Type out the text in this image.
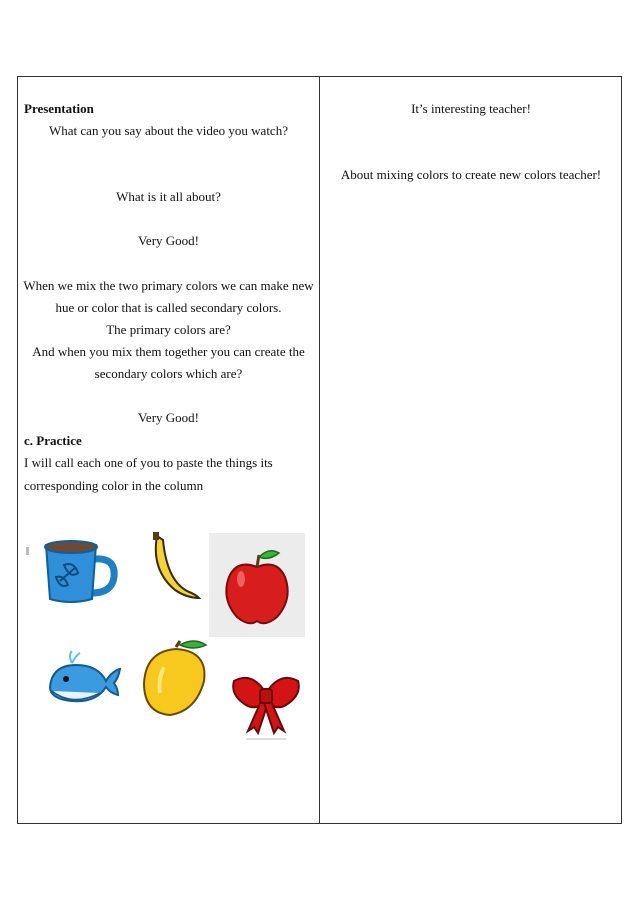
Presentation
What can you say about the video you watch?
What is it all about?
Very Good!
When we mix the two primary colors we can make new
hue or color that is called secondary colors.
The primary colors are?
And when you mix them together you can create the
secondary colors which are?
Very Good!
c. Practice
I will call each one of you to paste the things its
corresponding color in the column
It’s interesting teacher!
About mixing colors to create new colors teacher!
